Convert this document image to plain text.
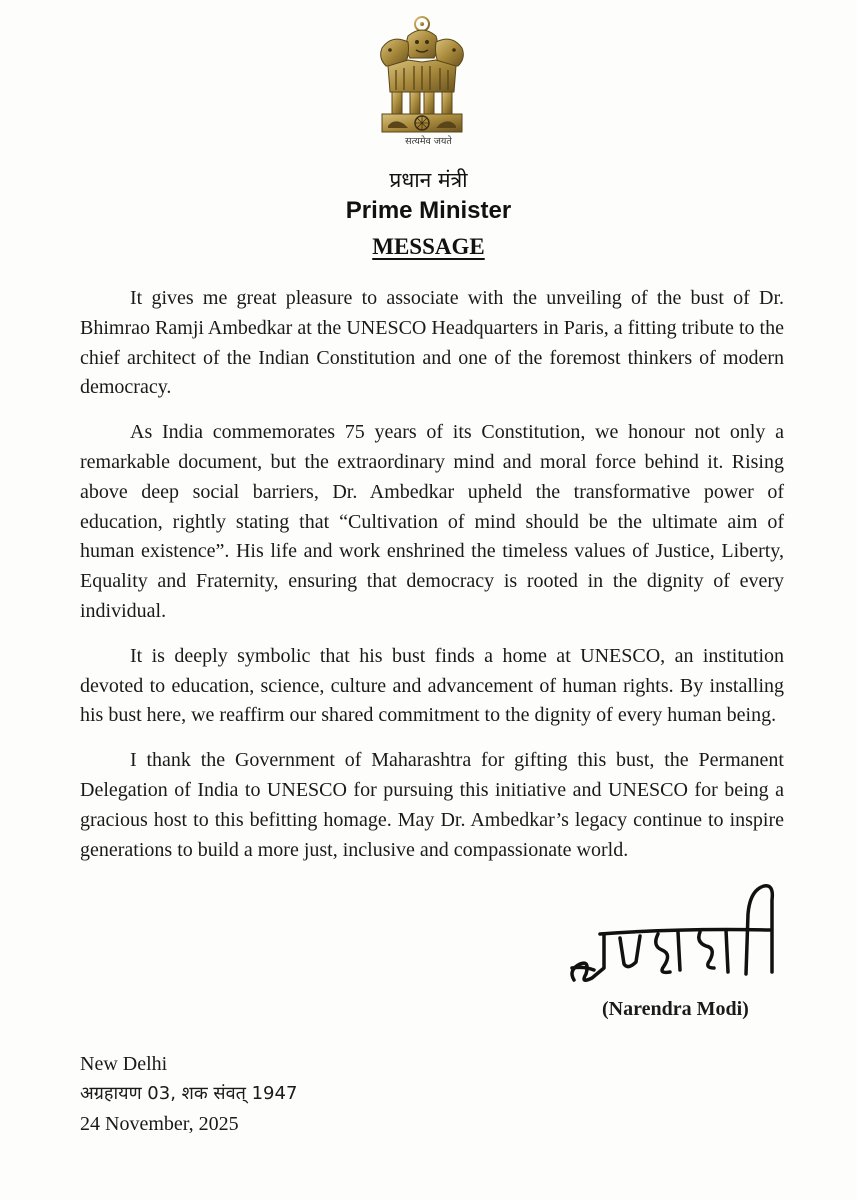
सत्यमेव जयते
प्रधान मंत्री
Prime Minister
MESSAGE

It gives me great pleasure to associate with the unveiling of the bust of Dr. Bhimrao Ramji Ambedkar at the UNESCO Headquarters in Paris, a fitting tribute to the chief architect of the Indian Constitution and one of the foremost thinkers of modern democracy.

As India commemorates 75 years of its Constitution, we honour not only a remarkable document, but the extraordinary mind and moral force behind it. Rising above deep social barriers, Dr. Ambedkar upheld the transformative power of education, rightly stating that “Cultivation of mind should be the ultimate aim of human existence”. His life and work enshrined the timeless values of Justice, Liberty, Equality and Fraternity, ensuring that democracy is rooted in the dignity of every individual.

It is deeply symbolic that his bust finds a home at UNESCO, an institution devoted to education, science, culture and advancement of human rights. By installing his bust here, we reaffirm our shared commitment to the dignity of every human being.

I thank the Government of Maharashtra for gifting this bust, the Permanent Delegation of India to UNESCO for pursuing this initiative and UNESCO for being a gracious host to this befitting homage. May Dr. Ambedkar’s legacy continue to inspire generations to build a more just, inclusive and compassionate world.

(Narendra Modi)
New Delhi
अग्रहायण 03, शक संवत् 1947
24 November, 2025
